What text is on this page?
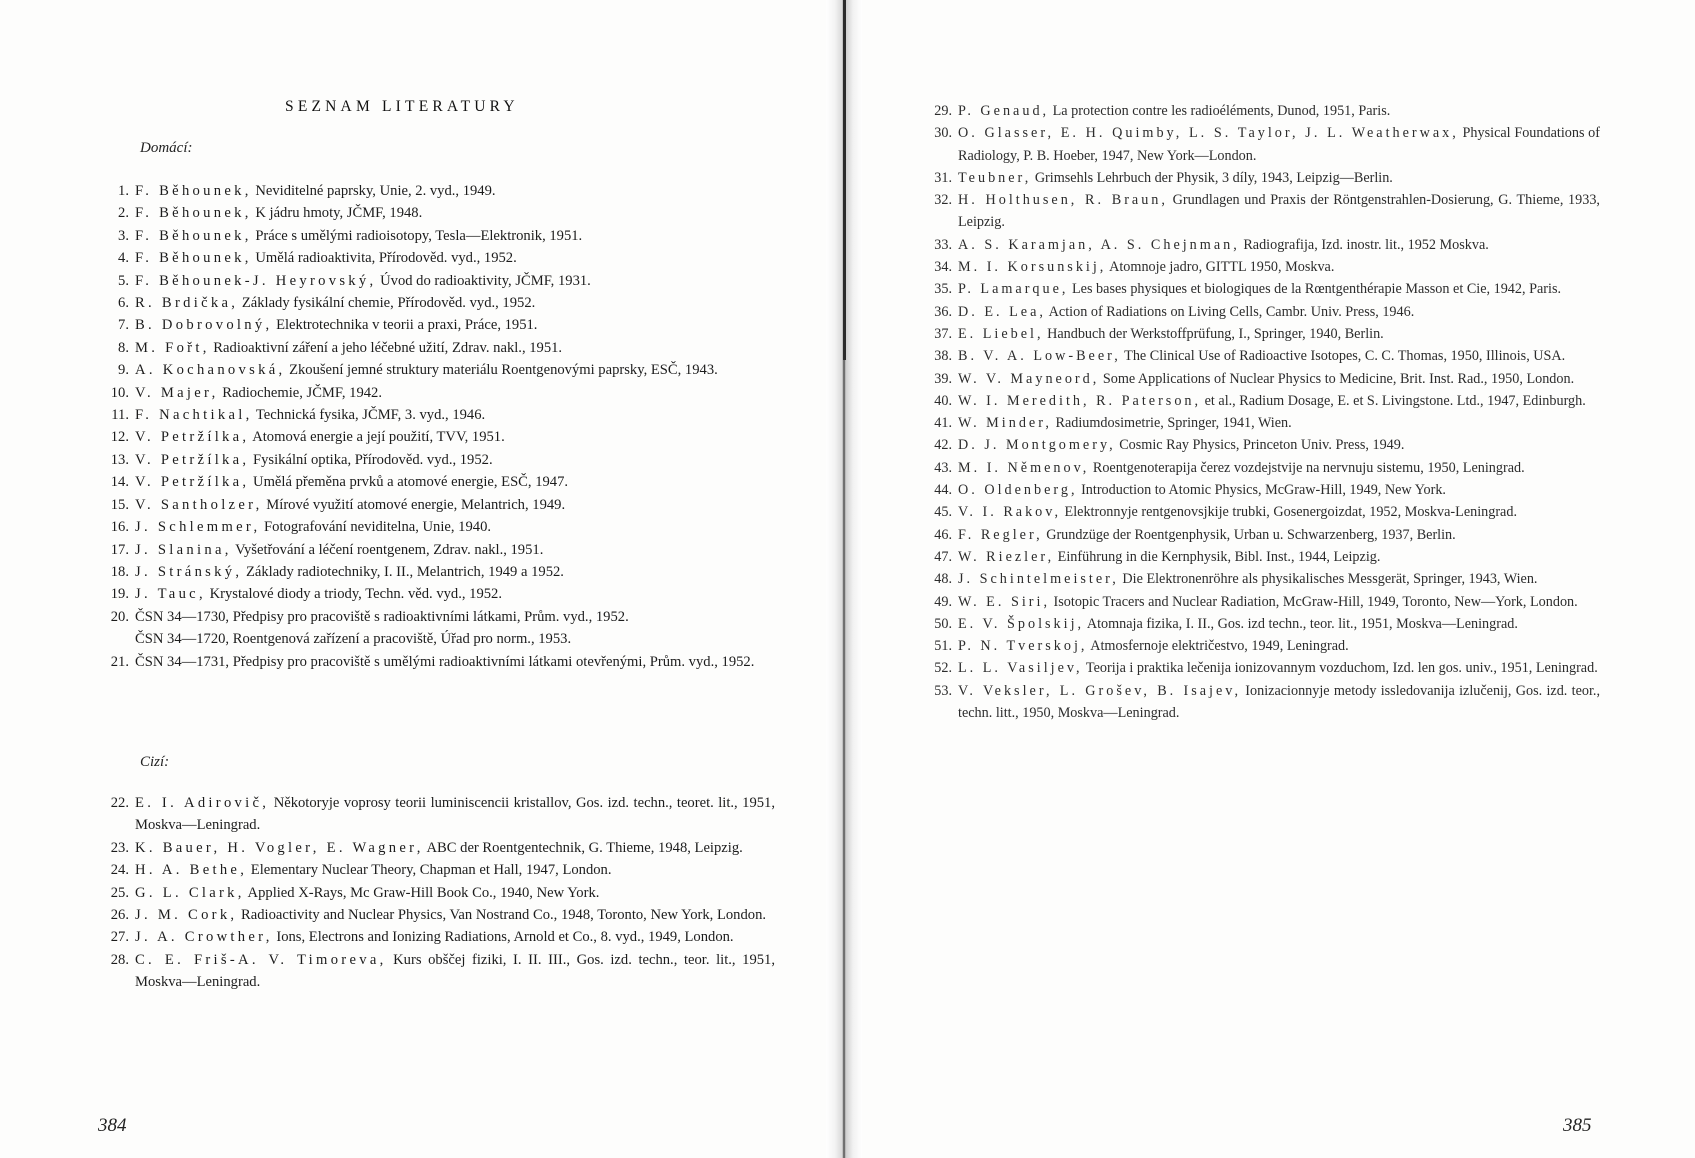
SEZNAM LITERATURY
Domácí:
1. F. Běhounek, Neviditelné paprsky, Unie, 2. vyd., 1949.
2. F. Běhounek, K jádru hmoty, JČMF, 1948.
3. F. Běhounek, Práce s umělými radioisotopy, Tesla—Elektronik, 1951.
4. F. Běhounek, Umělá radioaktivita, Přírodověd. vyd., 1952.
5. F. Běhounek-J. Heyrovský, Úvod do radioaktivity, JČMF, 1931.
6. R. Brdička, Základy fysikální chemie, Přírodověd. vyd., 1952.
7. B. Dobrovolný, Elektrotechnika v teorii a praxi, Práce, 1951.
8. M. Fořt, Radioaktivní záření a jeho léčebné užití, Zdrav. nakl., 1951.
9. A. Kochanovská, Zkoušení jemné struktury materiálu Roentgenovými paprsky, ESČ, 1943.
10. V. Majer, Radiochemie, JČMF, 1942.
11. F. Nachtikal, Technická fysika, JČMF, 3. vyd., 1946.
12. V. Petržílka, Atomová energie a její použití, TVV, 1951.
13. V. Petržílka, Fysikální optika, Přírodověd. vyd., 1952.
14. V. Petržílka, Umělá přeměna prvků a atomové energie, ESČ, 1947.
15. V. Santholzer, Mírové využití atomové energie, Melantrich, 1949.
16. J. Schlemmer, Fotografování neviditelna, Unie, 1940.
17. J. Slanina, Vyšetřování a léčení roentgenem, Zdrav. nakl., 1951.
18. J. Stránský, Základy radiotechniky, I. II., Melantrich, 1949 a 1952.
19. J. Tauc, Krystalové diody a triody, Techn. věd. vyd., 1952.
20. ČSN 34—1730, Předpisy pro pracoviště s radioaktivními látkami, Prům. vyd., 1952.
ČSN 34—1720, Roentgenová zařízení a pracoviště, Úřad pro norm., 1953.
21. ČSN 34—1731, Předpisy pro pracoviště s umělými radioaktivními látkami otevřenými, Prům. vyd., 1952.
Cizí:
22. E. I. Adirovič, Někotoryje voprosy teorii luminiscencii kristallov, Gos. izd. techn., teoret. lit., 1951, Moskva—Leningrad.
23. K. Bauer, H. Vogler, E. Wagner, ABC der Roentgentechnik, G. Thieme, 1948, Leipzig.
24. H. A. Bethe, Elementary Nuclear Theory, Chapman et Hall, 1947, London.
25. G. L. Clark, Applied X-Rays, Mc Graw-Hill Book Co., 1940, New York.
26. J. M. Cork, Radioactivity and Nuclear Physics, Van Nostrand Co., 1948, Toronto, New York, London.
27. J. A. Crowther, Ions, Electrons and Ionizing Radiations, Arnold et Co., 8. vyd., 1949, London.
28. C. E. Friš-A. V. Timoreva, Kurs obščej fiziki, I. II. III., Gos. izd. techn., teor. lit., 1951, Moskva—Leningrad.
29. P. Genaud, La protection contre les radioéléments, Dunod, 1951, Paris.
30. O. Glasser, E. H. Quimby, L. S. Taylor, J. L. Weatherwax, Physical Foundations of Radiology, P. B. Hoeber, 1947, New York—London.
31. Teubner, Grimsehls Lehrbuch der Physik, 3 díly, 1943, Leipzig—Berlin.
32. H. Holthusen, R. Braun, Grundlagen und Praxis der Röntgenstrahlen-Dosierung, G. Thieme, 1933, Leipzig.
33. A. S. Karamjan, A. S. Chejnman, Radiografija, Izd. inostr. lit., 1952 Moskva.
34. M. I. Korsunskij, Atomnoje jadro, GITTL 1950, Moskva.
35. P. Lamarque, Les bases physiques et biologiques de la Rœntgenthérapie Masson et Cie, 1942, Paris.
36. D. E. Lea, Action of Radiations on Living Cells, Cambr. Univ. Press, 1946.
37. E. Liebel, Handbuch der Werkstoffprüfung, I., Springer, 1940, Berlin.
38. B. V. A. Low-Beer, The Clinical Use of Radioactive Isotopes, C. C. Thomas, 1950, Illinois, USA.
39. W. V. Mayneord, Some Applications of Nuclear Physics to Medicine, Brit. Inst. Rad., 1950, London.
40. W. I. Meredith, R. Paterson, et al., Radium Dosage, E. et S. Livingstone. Ltd., 1947, Edinburgh.
41. W. Minder, Radiumdosimetrie, Springer, 1941, Wien.
42. D. J. Montgomery, Cosmic Ray Physics, Princeton Univ. Press, 1949.
43. M. I. Němenov, Roentgenoterapija čerez vozdejstvije na nervnuju sistemu, 1950, Leningrad.
44. O. Oldenberg, Introduction to Atomic Physics, McGraw-Hill, 1949, New York.
45. V. I. Rakov, Elektronnyje rentgenovsjkije trubki, Gosenergoizdat, 1952, Moskva-Leningrad.
46. F. Regler, Grundzüge der Roentgenphysik, Urban u. Schwarzenberg, 1937, Berlin.
47. W. Riezler, Einführung in die Kernphysik, Bibl. Inst., 1944, Leipzig.
48. J. Schintelmeister, Die Elektronenröhre als physikalisches Messgerät, Springer, 1943, Wien.
49. W. E. Siri, Isotopic Tracers and Nuclear Radiation, McGraw-Hill, 1949, Toronto, New—York, London.
50. E. V. Špolskij, Atomnaja fizika, I. II., Gos. izd techn., teor. lit., 1951, Moskva—Leningrad.
51. P. N. Tverskoj, Atmosfernoje električestvo, 1949, Leningrad.
52. L. L. Vasiljev, Teorija i praktika lečenija ionizovannym vozduchom, Izd. len gos. univ., 1951, Leningrad.
53. V. Veksler, L. Grošev, B. Isajev, Ionizacionnyje metody issledovanija izlučenij, Gos. izd. teor., techn. litt., 1950, Moskva—Leningrad.
384	385
